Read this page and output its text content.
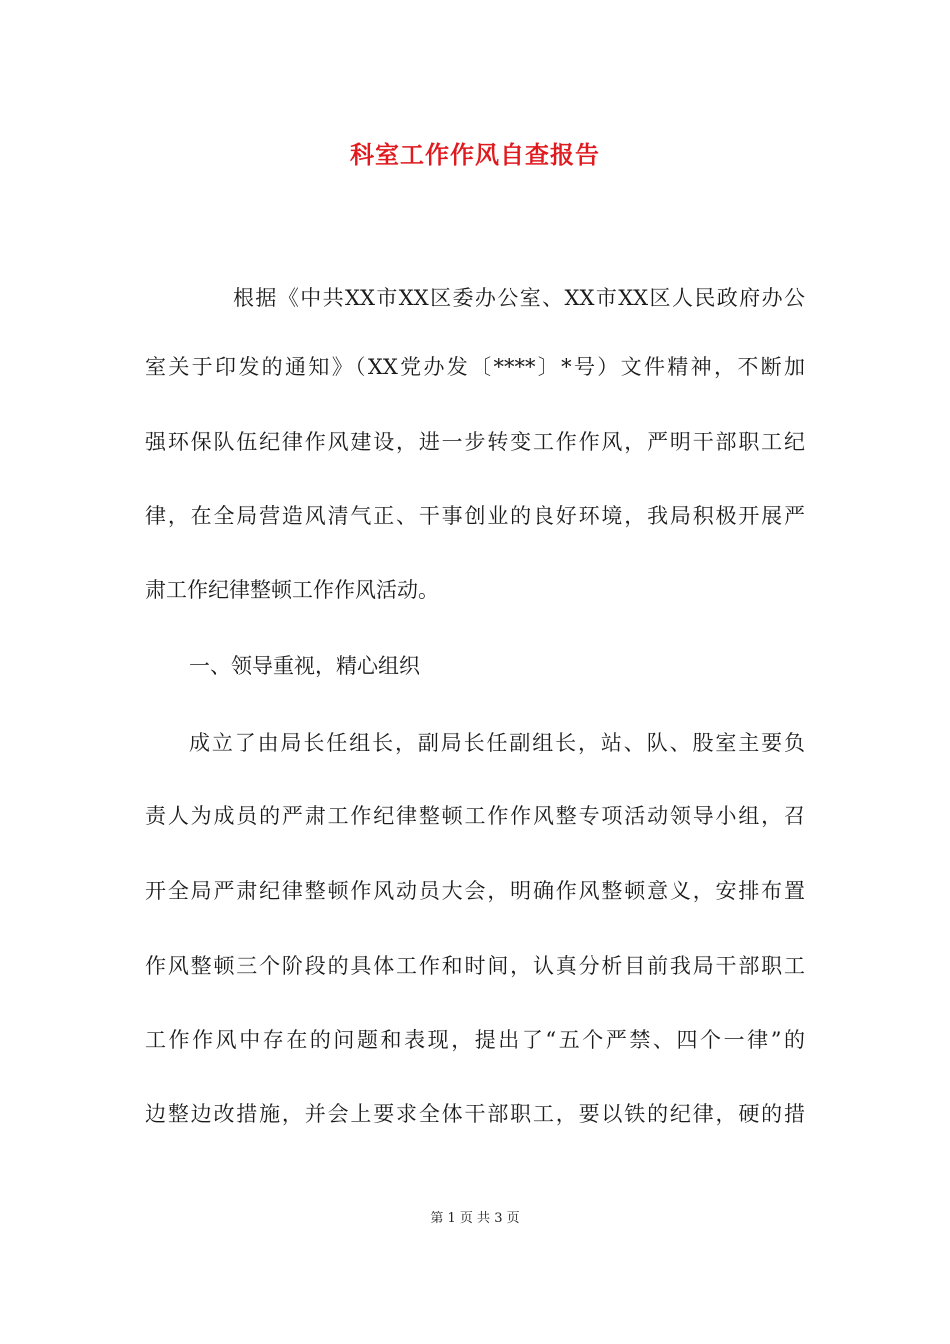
科室工作作风自查报告
根据《中共XX市XX区委办公室、XX市XX区人民政府办公
室关于印发的通知》（XX党办发〔****〕*号）文件精神，不断加
强环保队伍纪律作风建设，进一步转变工作作风，严明干部职工纪
律，在全局营造风清气正、干事创业的良好环境，我局积极开展严
肃工作纪律整顿工作作风活动。
一、领导重视，精心组织
成立了由局长任组长，副局长任副组长，站、队、股室主要负
责人为成员的严肃工作纪律整顿工作作风整专项活动领导小组，召
开全局严肃纪律整顿作风动员大会，明确作风整顿意义，安排布置
作风整顿三个阶段的具体工作和时间，认真分析目前我局干部职工
工作作风中存在的问题和表现，提出了“五个严禁、四个一律”的
边整边改措施，并会上要求全体干部职工，要以铁的纪律，硬的措
第 1 页 共 3 页
